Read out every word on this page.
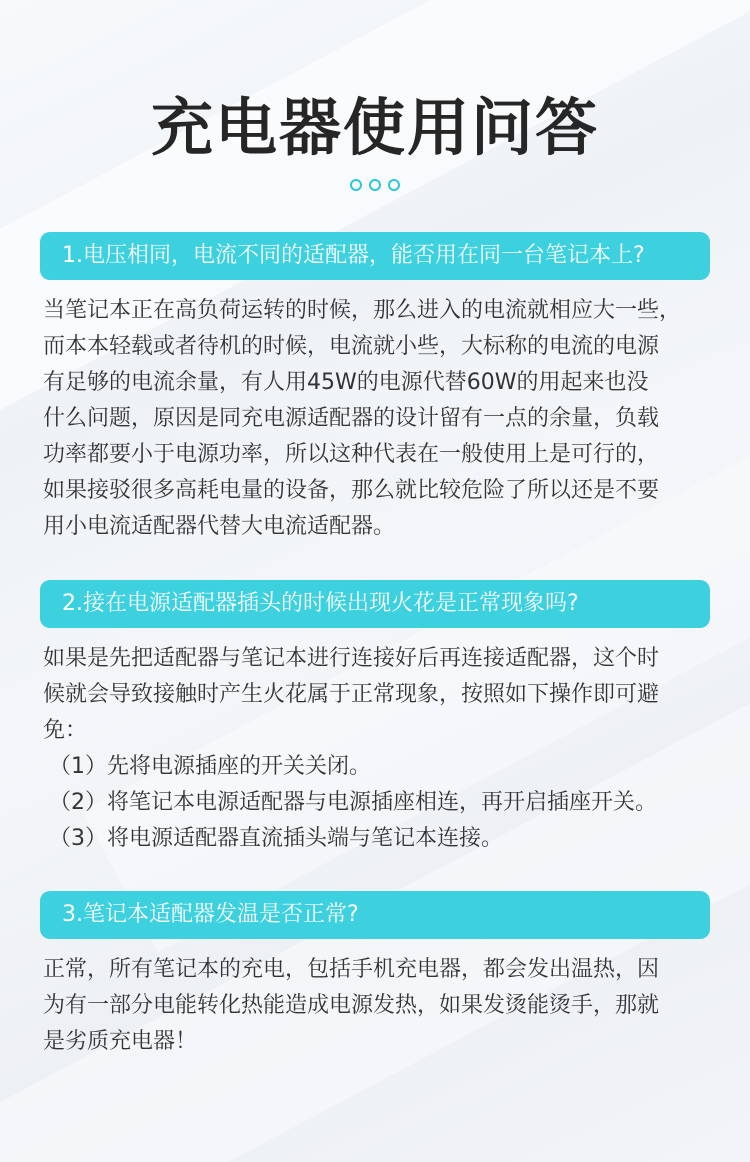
充电器使用问答

1.电压相同，电流不同的适配器，能否用在同一台笔记本上?
当笔记本正在高负荷运转的时候，那么进入的电流就相应大一些，
而本本轻载或者待机的时候，电流就小些，大标称的电流的电源
有足够的电流余量，有人用45W的电源代替60W的用起来也没
什么问题，原因是同充电源适配器的设计留有一点的余量，负载
功率都要小于电源功率，所以这种代表在一般使用上是可行的，
如果接驳很多高耗电量的设备，那么就比较危险了所以还是不要
用小电流适配器代替大电流适配器。
2.接在电源适配器插头的时候出现火花是正常现象吗?
如果是先把适配器与笔记本进行连接好后再连接适配器，这个时
候就会导致接触时产生火花属于正常现象，按照如下操作即可避
免：
（1）先将电源插座的开关关闭。
（2）将笔记本电源适配器与电源插座相连，再开启插座开关。
（3）将电源适配器直流插头端与笔记本连接。
3.笔记本适配器发温是否正常?
正常，所有笔记本的充电，包括手机充电器，都会发出温热，因
为有一部分电能转化热能造成电源发热，如果发烫能烫手，那就
是劣质充电器！
